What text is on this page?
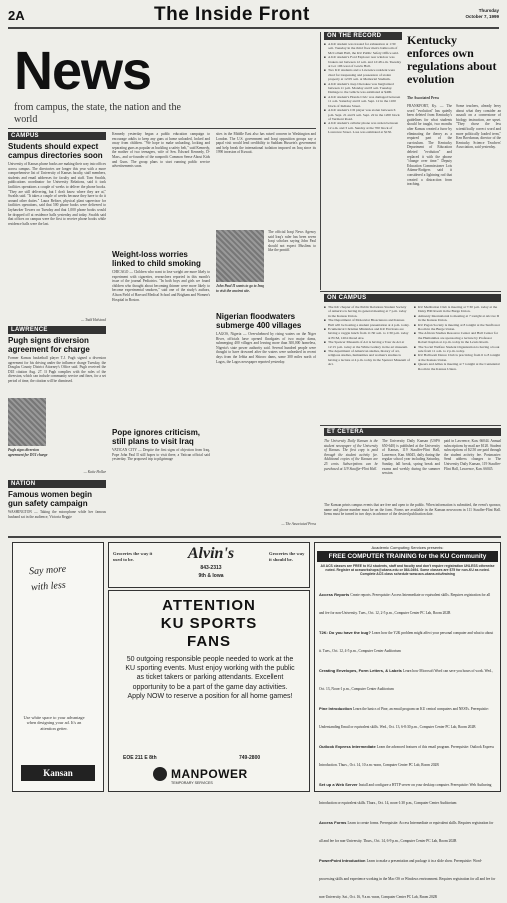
2A	The Inside Front	Thursday
October 7, 1999
News
from campus, the state, the nation and the world
CAMPUS
Students should expect campus directories soon
University of Kansas phone books are making their way into offices across campus. The directories are longer this year with a more comprehensive list of University of Kansas faculty, staff members, students and email addresses for faculty and staff. Tom Swalds, publications coordinator for University Relations, said it took facilities operations a couple of weeks to deliver the phone books. "They are still delivering, but I don't know where they are at," Swalds said. "It takes a couple of weeks because they have to do it around other duties." Laura Beltzer, physical plant supervisor for facilities operations, said that 500 phone books were delivered to Jayhawker Towers on Tuesday and that 1,000 phone books would be dropped off at residence halls yesterday and today. Swalds said that offices on campus were the first to receive phone books while residence halls were the last.
— Todd Halstead
LAWRENCE
Pugh signs diversion agreement for charge
Former Kansas basketball player T.J. Pugh signed a diversion agreement for his driving under the influence charge Tuesday, the Douglas County District Attorney's Office said. Pugh received the DUI citation Aug. 27. If Pugh complies with the rules of the diversion, which can include community service and fines, for a set period of time, the citation will be dismissed.
Pugh signs diversion agreement for DUI charge
— Katie Hollar
NATION
Famous women begin gun safety campaign
WASHINGTON — Taking the microphone while her famous husband sat in the audience, Victoria Reggie
Kennedy yesterday began a public education campaign to encourage adults to keep any guns at home unloaded, locked and away from children. "We hope to make unloading, locking and separating guns as popular as buckling a safety belt," said Kennedy, the mother of two teenagers, wife of Sen. Edward Kennedy, D-Mass., and co-founder of the nonprofit Common Sense About Kids and Guns. The group plans to start running public service advertisements soon.
Weight-loss worries linked to child smoking
CHICAGO — Children who want to lose weight are more likely to experiment with cigarettes, researchers reported in this month's issue of the journal Pediatrics. "In both boys and girls we found children who thought about becoming thinner were more likely to become experimental smokers," said one of the study's authors, Alison Field of Harvard Medical School and Brigham and Women's Hospital in Boston.
Pope ignores criticism, still plans to visit Iraq
VATICAN CITY — Despite the first signs of objection from Iraq, Pope John Paul II still hopes to visit there, a Vatican official said yesterday. The proposed trip to pilgrimage
sites in the Middle East also has raised concern in Washington and London. The U.S. government and Iraqi opposition groups say a papal visit would lend credibility to Saddam Hussein's government and help break the international isolation imposed on Iraq since its 1990 invasion of Kuwait.
John Paul II wants to go to Iraq to visit the ancient site.
The official Iraqi News Agency said Iraq's ruler has been seven Iraqi scholars saying John Paul should not expect Muslims to like the pontiff.
Nigerian floodwaters submerge 400 villages
LAGOS, Nigeria — Overwhelmed by rising waters on the Niger River, officials have opened floodgates of two major dams, submerging 400 villages and leaving more than 300,000 homeless, Nigeria's state power authority said. Several hundred people were thought to have drowned after the waters were unleashed in recent days from the Jebba and Shiroro dams, some 300 miles north of Lagos, the Lagos newspaper reported yesterday.
— The Associated Press
ON THE RECORD
■ A KU student was treated for exhaustion at 1:30 a.m. Tuesday in the third floor men's bathroom of McCollum Hall, the KU Public Safety Office said.
■ A KU student's Ford Explorer rear window was broken out between 12 a.m. and 12:48 a.m. Tuesday at Lot 106 west of Lewis Hall.
■ Two KU students and a Lawrence resident were cited for trespassing and possession of stolen property at 12:05 a.m. at Memorial Stadium.
■ A KU student's Jeep Cherokee was burglarized between 11 p.m. Monday and 8 a.m. Tuesday. Damage to the vehicle was estimated at $400.
■ A KU student's Honda Civic was damaged between 11 a.m. Saturday and 6 a.m. Sept. 12 in the 1100 block of Indiana Street.
■ A KU student's CD player was stolen between 6 p.m. Sept. 21 and 9 a.m. Sept. 22 in the 1200 block of Vermont Road.
■ A KU student's cellular phone was stolen between 12 a.m. and 3 a.m. Sunday at the 700 block of Lawrence Street. Loss was estimated at $150.
Kentucky enforces own regulations about evolution
The Associated Press
FRANKFORT, Ky. — The word "evolution" has quietly been deleted from Kentucky's guidelines for what students should be taught, two months after Kansas created a furor by eliminating the theory as a required part of the curriculum. The Kentucky Department of Education deleted "evolution" and replaced it with the phrase "change over time." Deputy Education Commissioner Lois Adams-Rodgers said it considered a lightning rod that created a distraction from teaching.
Some teachers, already leery about what they consider an assault on a cornerstone of biology instruction, are upset. "They chose the less scientifically correct word and more politically loaded term," Ken Boeckman, director of the Kentucky Science Teachers' Association, said yesterday.
ON CAMPUS
■ The KU chapter of the Public Relations Student Society of America is having its general meeting at 7 p.m. today in the Kansas Union.
■ The Department of Molecular Biosciences and Kansas Hall will be hosting a student presentation at 4 p.m. today.
■ Ecumenical Christian Ministries and KU Environs are having a veggie lunch from 11:30 a.m. to 1:30 p.m. today at ECM, 1204 Oread Ave.
■ The Spencer Museum of Art is having a Tour de Art at 12:15 p.m. today at the White Gallery in the art museum.
■ The department of American studies, history of art, religious studies, humanities and women's studies is having a lecture at 4 p.m. today in the Spencer Museum of Art.
■ KU Meditation Club is meeting at 7:30 p.m. today at the Daisy Hill Room in the Burge Union.
■ Amnesty International is meeting at 7 tonight at Alcove D in the Kansas Union.
■ KU Pagan Society is meeting at 8 tonight at the Sunflower Room in the Burge Union.
■ The African Studies Resource Center and Hall Center for the Humanities are sponsoring a lecture by Professor Robert Kaplan at 4 p.m. today in the Lewis Room.
■ The Social Welfare Student Organization is having a book sale from 11 a.m. to 2 p.m. today.
■ KU Ballroom Dance Club is practicing from 6 to 8 tonight at the Kansas Union.
■ Queers and Allies is meeting at 7 tonight at the Centennial Room in the Kansas Union.
ET CETERA
The University Daily Kansan is the student newspaper of the University of Kansas. The first copy is paid through the student activity fee. Additional copies of the Kansan are 25 cents. Subscriptions can be purchased at 119 Stauffer-Flint Hall.
The University Daily Kansan (USPS 650-640) is published at the University of Kansas, 119 Stauffer-Flint Hall, Lawrence, Kan. 66045, daily during the regular school year including Saturday, Sunday, fall break, spring break and exams and weekly during the summer session.
paid in Lawrence, Kan. 66044. Annual subscriptions by mail are $120. Student subscriptions of $2.50 are paid through the student activity fee. Postmaster: Send address changes to The University Daily Kansan, 119 Stauffer-Flint Hall, Lawrence, Kan. 66045.
The Kansan prints campus events that are free and open to the public. When information is submitted, the event's sponsor, name and phone number must be on the form. Forms are available in the Kansan newsroom in 111 Stauffer-Flint Hall. Items must be turned in two days in advance of the desired publication date.
Say more
with less
Use white space to your advantage when designing your ad. It's an attention getter.
Kansan
Groceries the way it used to be.	Alvin's
843-2313
9th & Iowa
Groceries the way it should be.
ATTENTION
KU SPORTS
FANS
50 outgoing responsible people needed to work at the KU sporting events. Must enjoy working with the public as ticket takers or parking attendants. Excellent opportunity to be a part of the game day activities. Apply NOW to reserve a position for all home games!
EOE 211 E 8th	749-2800
MANPOWER
TEMPORARY SERVICES
Academic Computing Services presents:
FREE COMPUTER TRAINING for the KU Community
All ACS classes are FREE to KU students, staff and faculty and don't require registration UNLESS otherwise noted. Register at acsworkshops@ukans.edu or 864-0494. Some classes are $75 for non-KU as noted. Complete ACS class schedule www.acs.ukans.edu/training
Access Reports Create reports. Prerequisite: Access Intermediate or equivalent skills. Requires registration for all and fee for non-University. Tues., Oct. 12, 2-5 p.m., Computer Center PC Lab, Room 202B
T2K: Do you have the bug? Learn how the Y2K problem might affect your personal computer and what to about it. Tues., Oct. 12, 4-5 p.m., Computer Center Auditorium
Creating Envelopes, Form Letters, & Labels Learn how Microsoft Word can save you hours of work. Wed., Oct. 13, Noon-1 p.m., Computer Center Auditorium
Pine Introduction Learn the basics of Pine, an email program on KU central computers and NESTs. Prerequisite: Understanding Email or equivalent skills. Wed., Oct. 13, 6-8:30 p.m., Computer Center PC Lab, Room 202B
Outlook Express Intermediate Learn the advanced features of this email program. Prerequisite: Outlook Express Introduction. Thurs., Oct. 14, 10 a.m.-noon, Computer Center PC Lab, Room 202B
Set up a Web Server Install and configure a HTTP server on your desktop computer. Prerequisite: Web Authoring Introduction or equivalent skills. Thurs., Oct. 14, noon-1:30 p.m., Computer Center Auditorium
Access Forms Learn to create forms. Prerequisite: Access Intermediate or equivalent skills. Requires registration for all and fee for non-University. Thurs., Oct. 14, 6-9 p.m., Computer Center PC Lab, Room 202B
PowerPoint Introduction Learn to make a presentation and package it in a slide show. Prerequisite: Word-processing skills and experience working in the Mac OS or Windows environment. Requires registration for all and fee for non-University. Sat., Oct. 16, 9 a.m.-noon, Computer Center PC Lab, Room 202B
